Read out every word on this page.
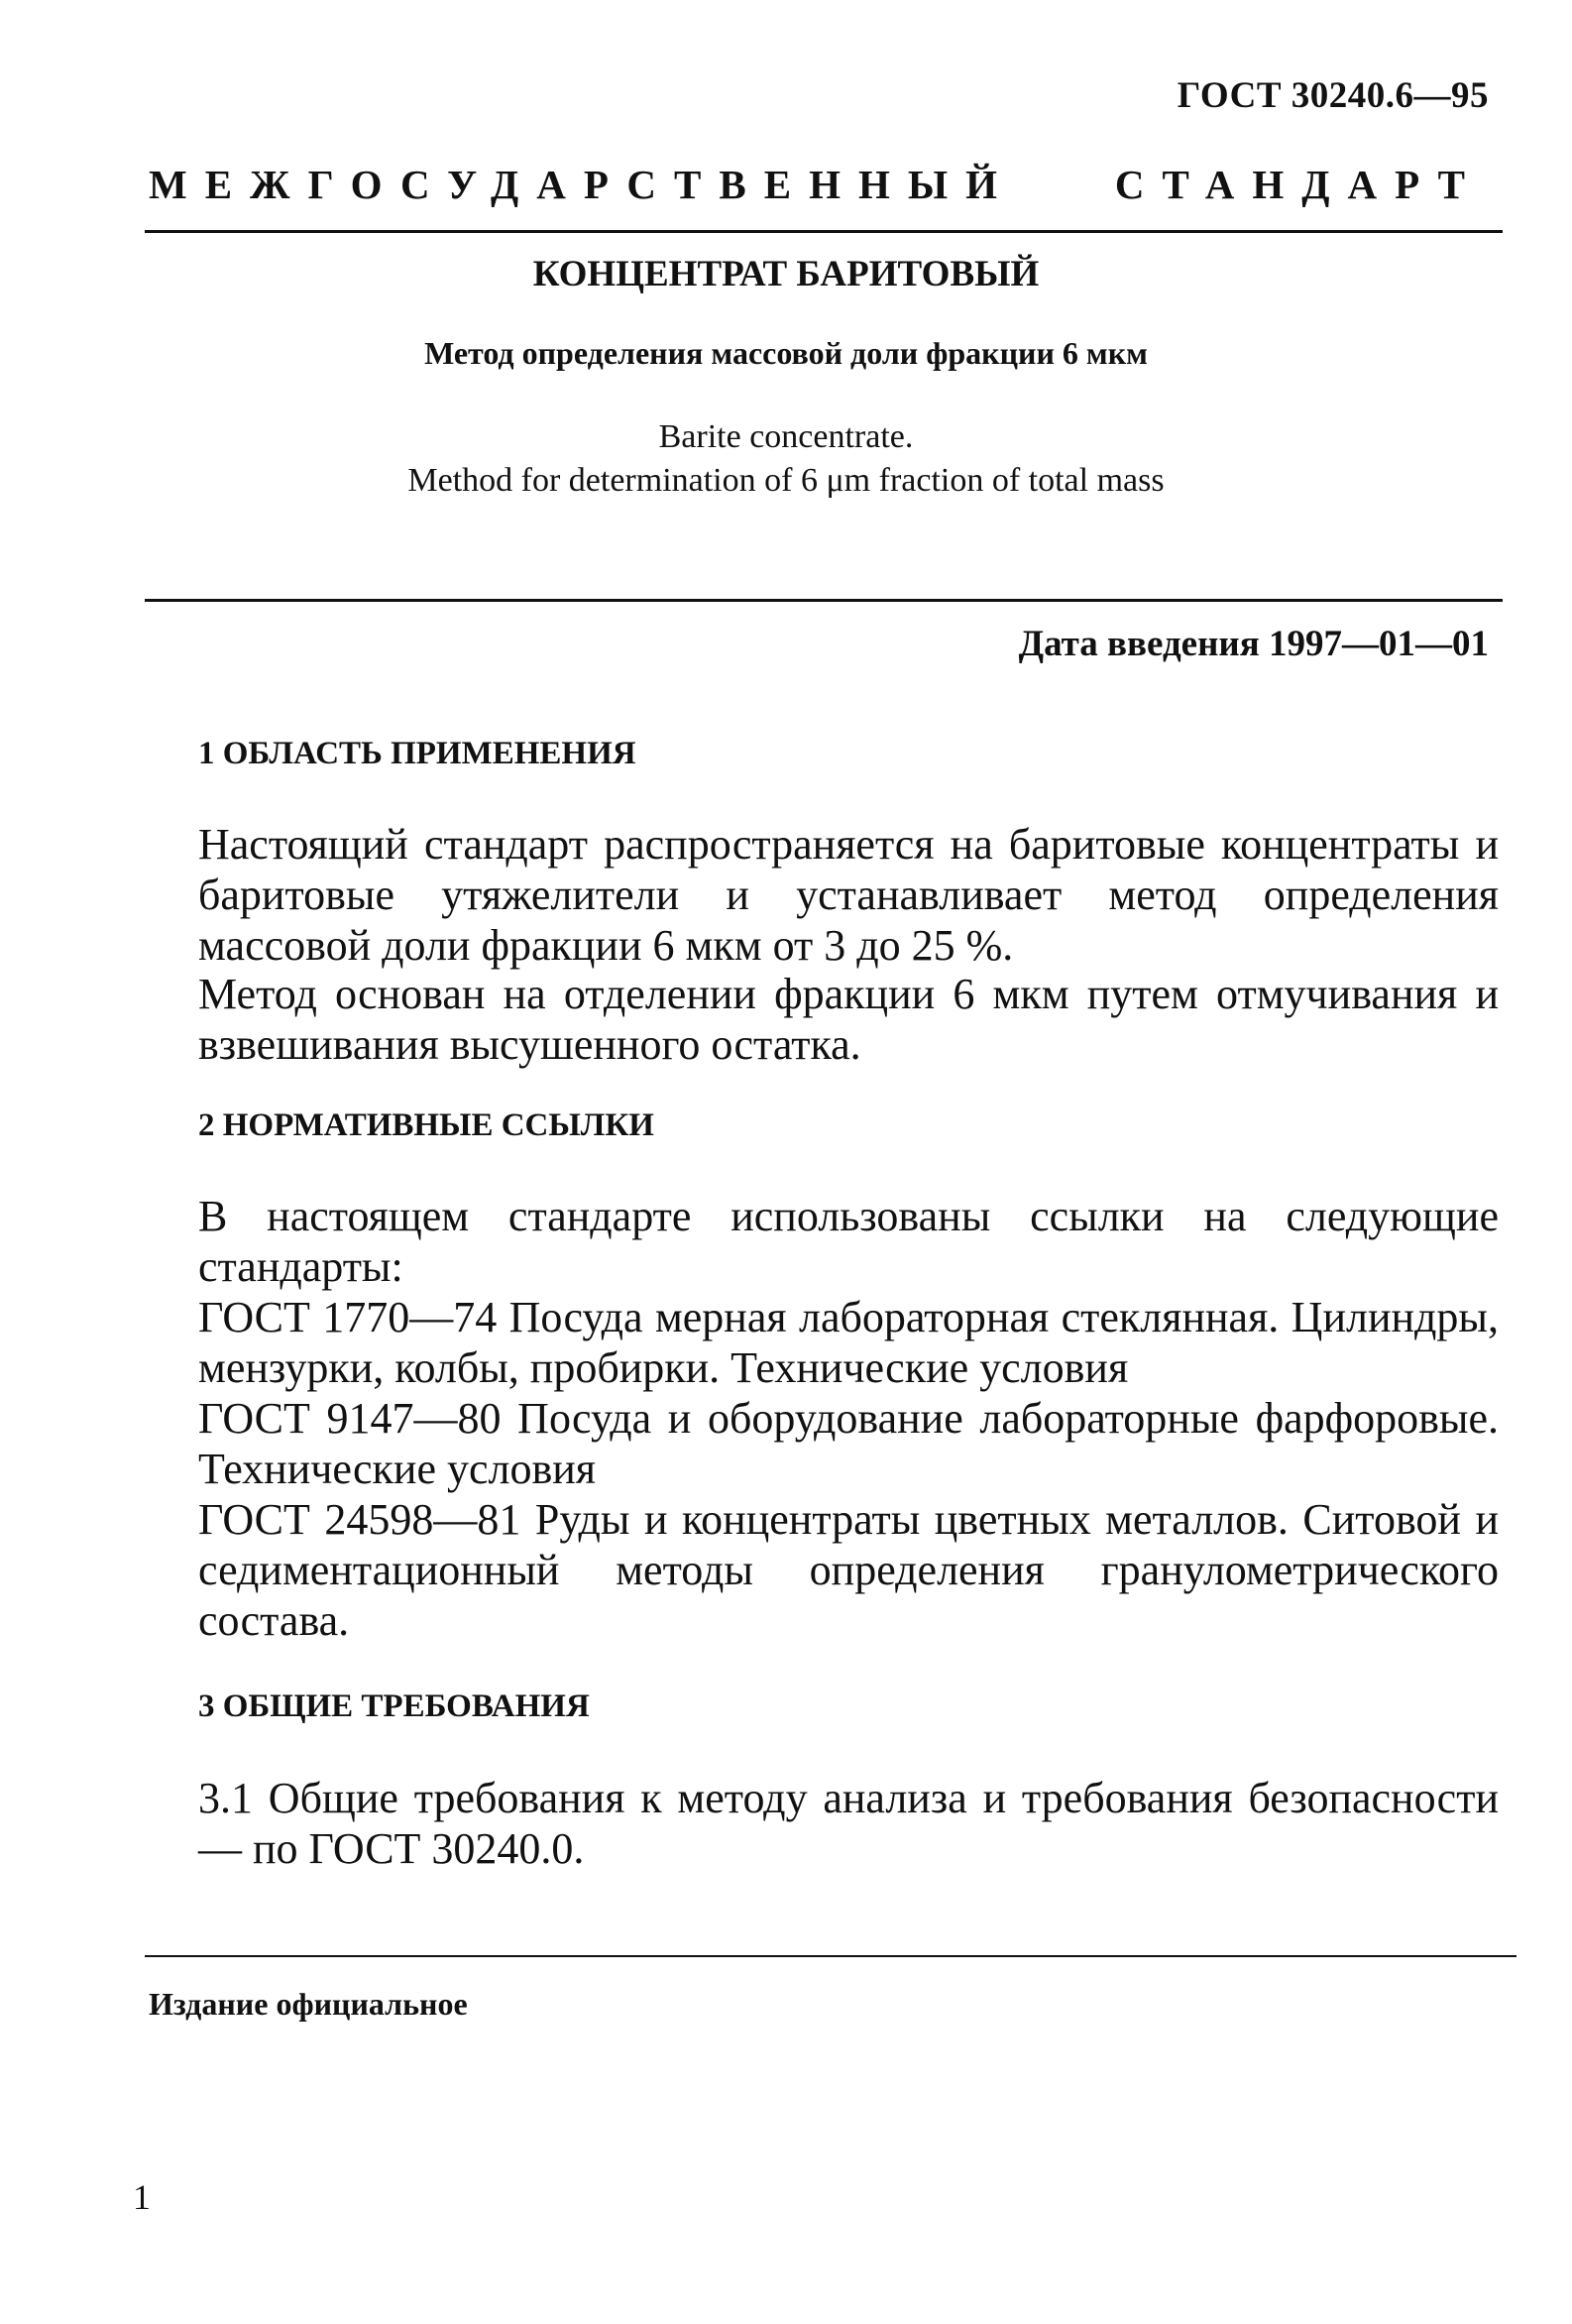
ГОСТ 30240.6—95
МЕЖГОСУДАРСТВЕННЫЙ СТАНДАРТ
КОНЦЕНТРАТ БАРИТОВЫЙ
Метод определения массовой доли фракции 6 мкм
Barite concentrate.
Method for determination of 6 μm fraction of total mass
Дата введения 1997—01—01
1 ОБЛАСТЬ ПРИМЕНЕНИЯ
Настоящий стандарт распространяется на баритовые концентраты и баритовые утяжелители и устанавливает метод определения массовой доли фракции 6 мкм от 3 до 25 %.
Метод основан на отделении фракции 6 мкм путем отмучивания и взвешивания высушенного остатка.
2 НОРМАТИВНЫЕ ССЫЛКИ
В настоящем стандарте использованы ссылки на следующие стандарты:
ГОСТ 1770—74 Посуда мерная лабораторная стеклянная. Цилиндры, мензурки, колбы, пробирки. Технические условия
ГОСТ 9147—80 Посуда и оборудование лабораторные фарфоровые. Технические условия
ГОСТ 24598—81 Руды и концентраты цветных металлов. Ситовой и седиментационный методы определения гранулометрического состава.
3 ОБЩИЕ ТРЕБОВАНИЯ
3.1 Общие требования к методу анализа и требования безопасности — по ГОСТ 30240.0.
Издание официальное
1
